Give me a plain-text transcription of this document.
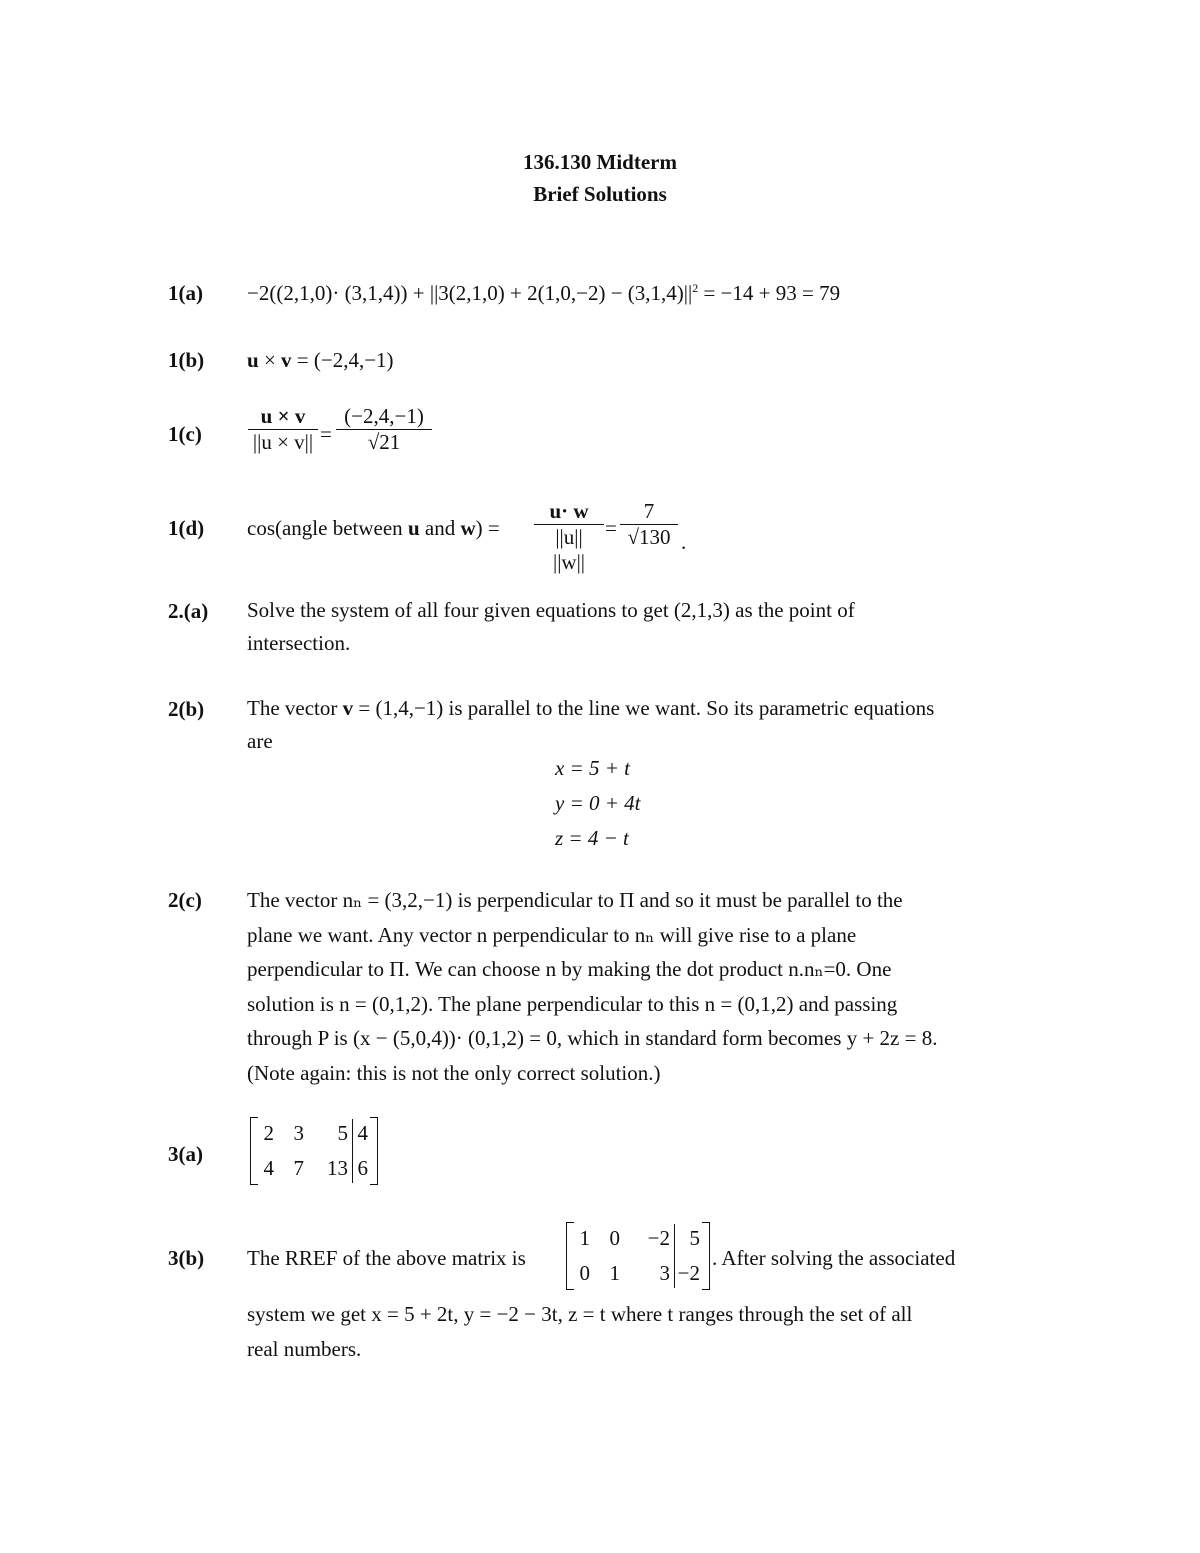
136.130 Midterm
Brief Solutions
$1(a) -2((2,1,0)\cdot (3,1,4)) + ||3(2,1,0) + 2(1,0,-2) - (3,1,4)||^2 = -14 + 93 = 79$
1(b) u × v = (−2,4,−1)
1(c)
u × v
||u × v|| =
(−2,4,−1)
√21
1(d) cos(angle between u and w) =
u· w
||u|| ||w||
=
7
√130 .
2.(a) Solve the system of all four given equations to get (2,1,3) as the point of
intersection.
2(b) The vector v = (1,4,−1) is parallel to the line we want. So its parametric equations
are
x = 5 + t
y = 0 + 4t
z = 4 − t
2(c) The vector nₙ = (3,2,−1) is perpendicular to Π and so it must be parallel to the
plane we want. Any vector n perpendicular to nₙ will give rise to a plane
perpendicular to Π. We can choose n by making the dot product n.nₙ=0. One
solution is n = (0,1,2). The plane perpendicular to this n = (0,1,2) and passing
through P is (x − (5,0,4))· (0,1,2) = 0, which in standard form becomes y + 2z = 8.
(Note again: this is not the only correct solution.)
3(a)
2 3	5 4
4 7	13 6
3(b) The RREF of the above matrix is
1 0	−2 5
0 1	3 −2
. After solving the associated
system we get x = 5 + 2t, y = −2 − 3t, z = t where t ranges through the set of all
real numbers.
